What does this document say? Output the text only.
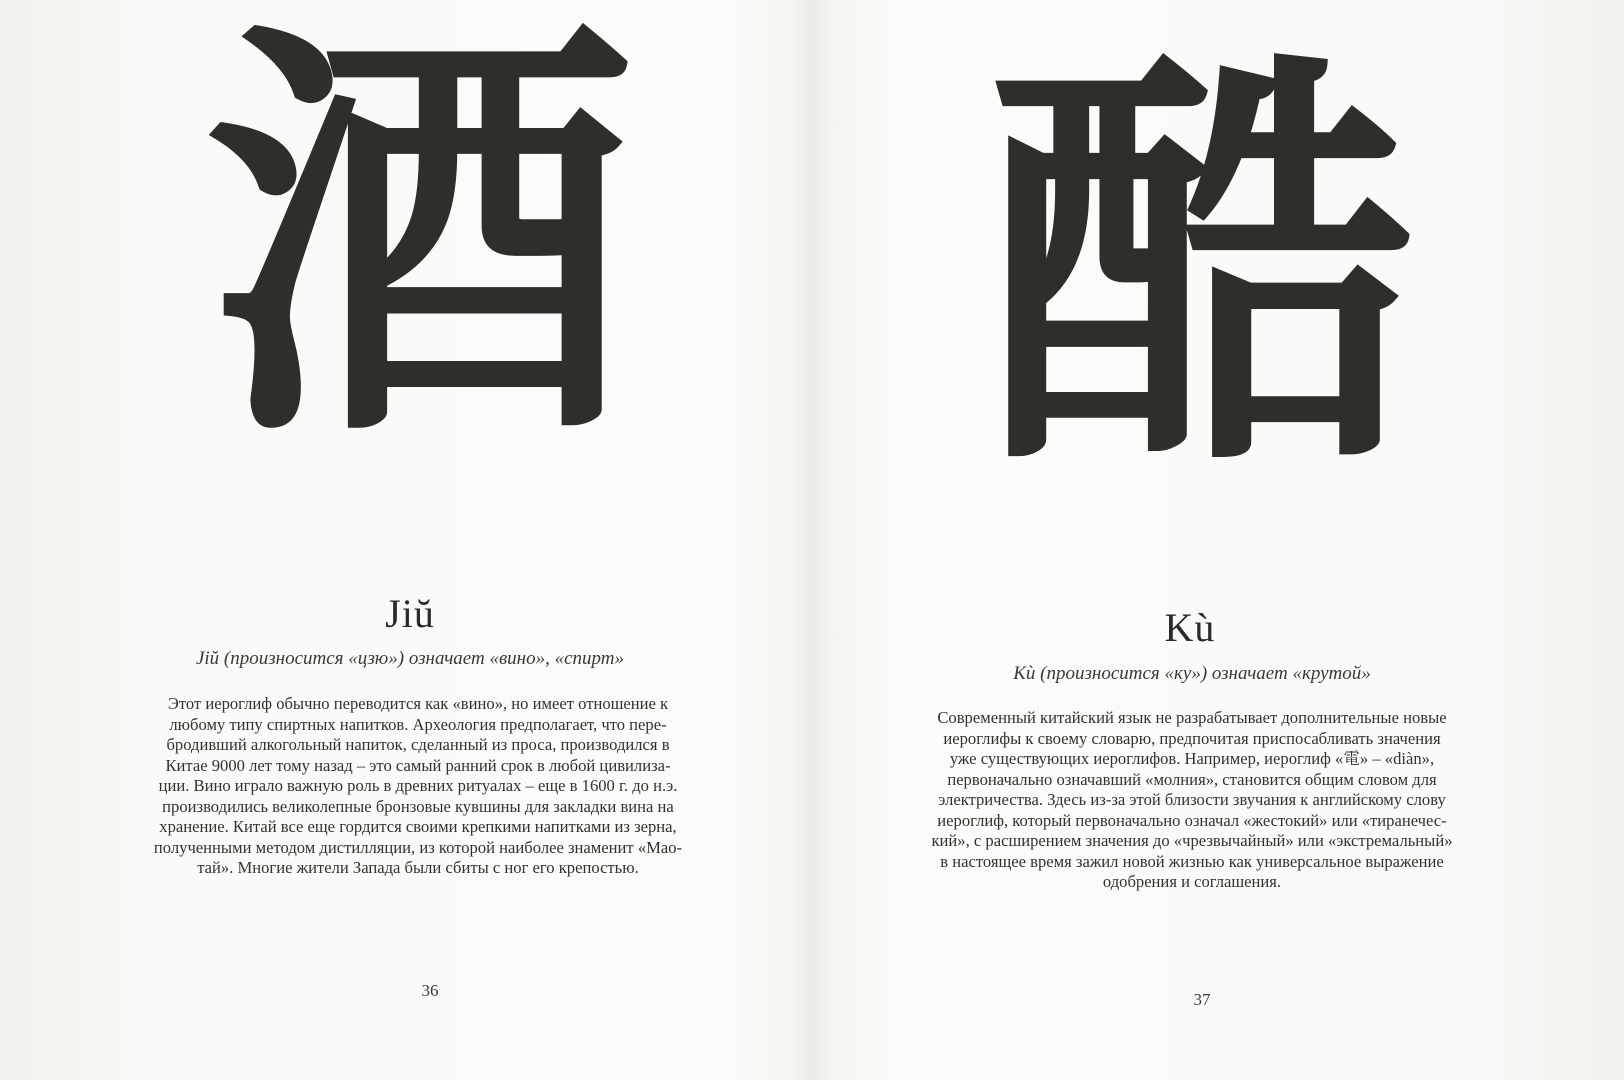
酒
Jiŭ
Jiŭ (произносится «цзю») означает «вино», «спирт»
Этот иероглиф обычно переводится как «вино», но имеет отношение к
любому типу спиртных напитков. Археология предполагает, что пере-
бродивший алкогольный напиток, сделанный из проса, производился в
Китае 9000 лет тому назад – это самый ранний срок в любой цивилиза-
ции. Вино играло важную роль в древних ритуалах – еще в 1600 г. до н.э.
производились великолепные бронзовые кувшины для закладки вина на
хранение. Китай все еще гордится своими крепкими напитками из зерна,
полученными методом дистилляции, из которой наиболее знаменит «Мао-
тай». Многие жители Запада были сбиты с ног его крепостью.
36
酷
Kù
Kù (произносится «ку») означает «крутой»
Современный китайский язык не разрабатывает дополнительные новые
иероглифы к своему словарю, предпочитая приспосабливать значения
уже существующих иероглифов. Например, иероглиф «電» – «diàn»,
первоначально означавший «молния», становится общим словом для
электричества. Здесь из-за этой близости звучания к английскому слову
иероглиф, который первоначально означал «жестокий» или «тиранечес-
кий», с расширением значения до «чрезвычайный» или «экстремальный»
в настоящее время зажил новой жизнью как универсальное выражение
одобрения и соглашения.
37
